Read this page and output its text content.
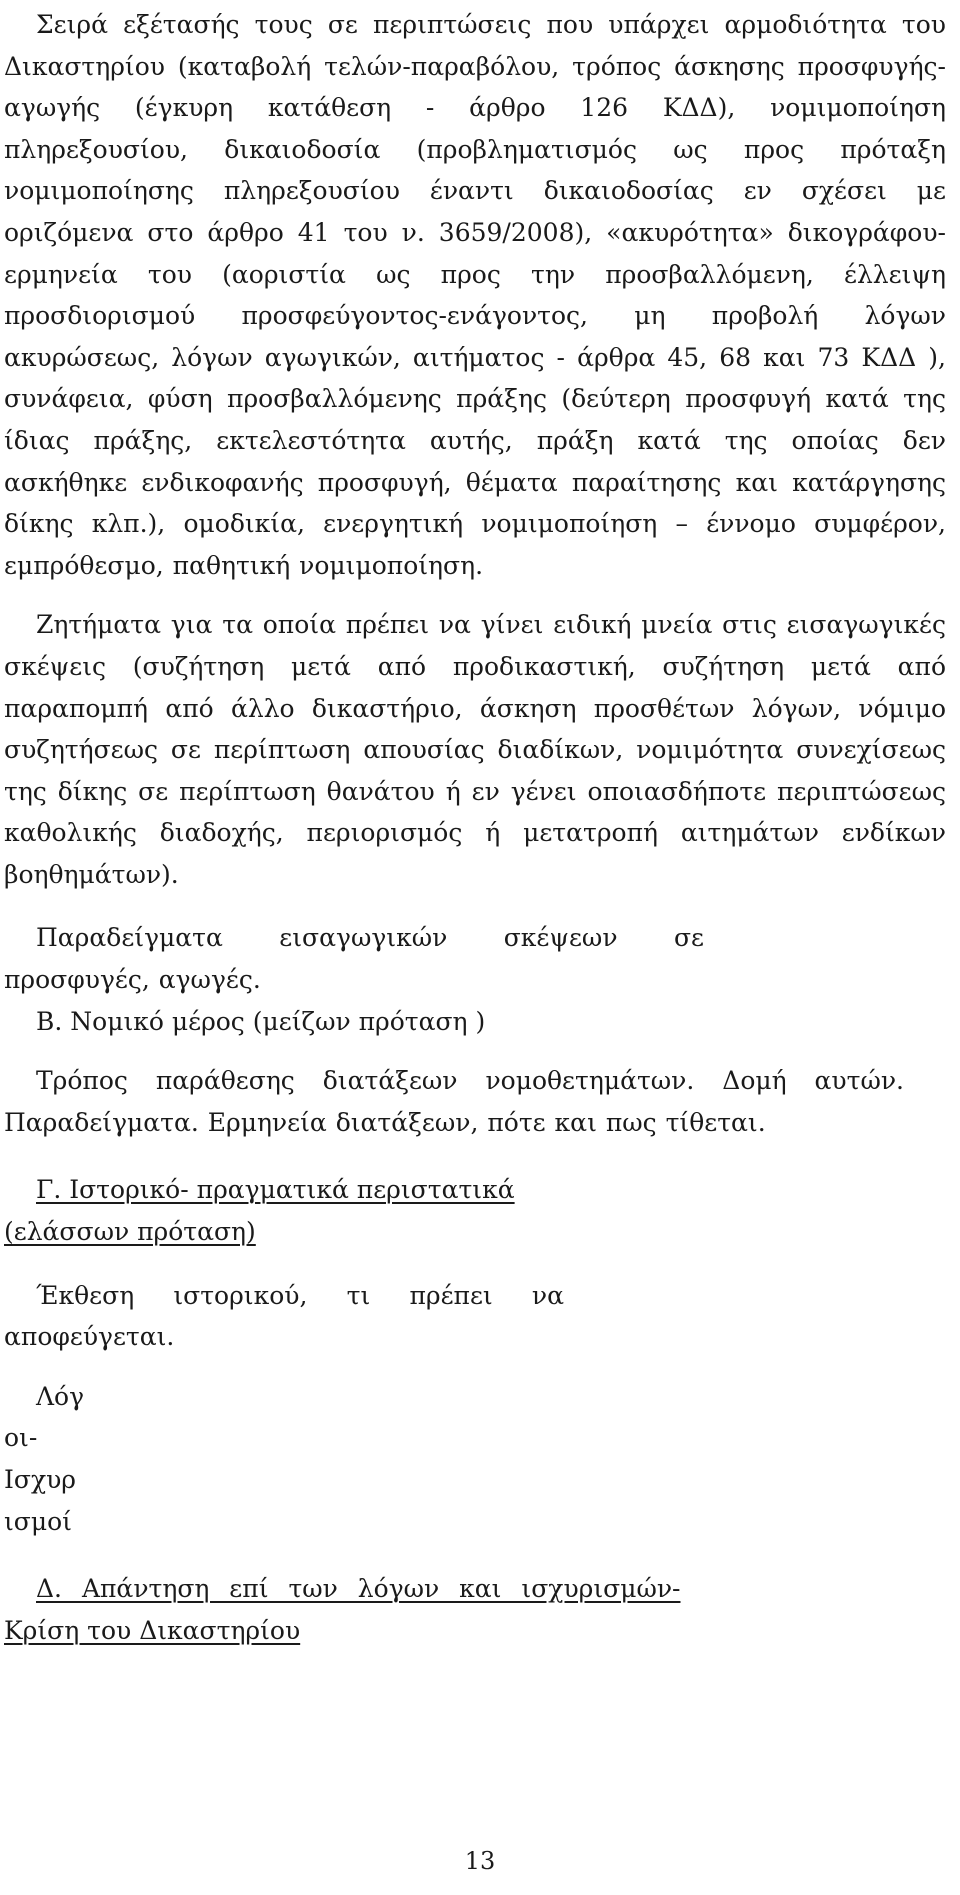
Σειρά εξέτασής τους σε περιπτώσεις που υπάρχει αρμοδιότητα του Δικαστηρίου (καταβολή τελών-παραβόλου, τρόπος άσκησης προσφυγής- αγωγής (έγκυρη κατάθεση - άρθρο 126 ΚΔΔ), νομιμοποίηση πληρεξουσίου, δικαιοδοσία (προβληματισμός ως προς πρόταξη νομιμοποίησης πληρεξουσίου έναντι δικαιοδοσίας εν σχέσει με οριζόμενα στο άρθρο 41 του ν. 3659/2008), «ακυρότητα» δικογράφου-ερμηνεία του (αοριστία ως προς την προσβαλλόμενη, έλλειψη προσδιορισμού προσφεύγοντος-ενάγοντος, μη προβολή λόγων ακυρώσεως, λόγων αγωγικών, αιτήματος - άρθρα 45, 68 και 73 ΚΔΔ ), συνάφεια, φύση προσβαλλόμενης πράξης (δεύτερη προσφυγή κατά της ίδιας πράξης, εκτελεστότητα αυτής, πράξη κατά της οποίας δεν ασκήθηκε ενδικοφανής προσφυγή, θέματα παραίτησης και κατάργησης δίκης κλπ.), ομοδικία, ενεργητική νομιμοποίηση – έννομο συμφέρον, εμπρόθεσμο, παθητική νομιμοποίηση.

Ζητήματα για τα οποία πρέπει να γίνει ειδική μνεία στις εισαγωγικές σκέψεις (συζήτηση μετά από προδικαστική, συζήτηση μετά από παραπομπή από άλλο δικαστήριο, άσκηση προσθέτων λόγων, νόμιμο συζητήσεως σε περίπτωση απουσίας διαδίκων, νομιμότητα συνεχίσεως της δίκης σε περίπτωση θανάτου ή εν γένει οποιασδήποτε περιπτώσεως καθολικής διαδοχής, περιορισμός ή μετατροπή αιτημάτων ενδίκων βοηθημάτων).

Παραδείγματα εισαγωγικών σκέψεων σε προσφυγές, αγωγές.

Β. Νομικό μέρος (μείζων πρόταση )

Τρόπος παράθεσης διατάξεων νομοθετημάτων. Δομή αυτών. Παραδείγματα. Ερμηνεία διατάξεων, πότε και πως τίθεται.

Γ. Ιστορικό- πραγματικά περιστατικά

(ελάσσων πρόταση)

Έκθεση ιστορικού, τι πρέπει να αποφεύγεται.

Λόγ

οι-

Ισχυρ

ισμοί

Δ. Απάντηση επί των λόγων και ισχυρισμών-

Κρίση του Δικαστηρίου

13
